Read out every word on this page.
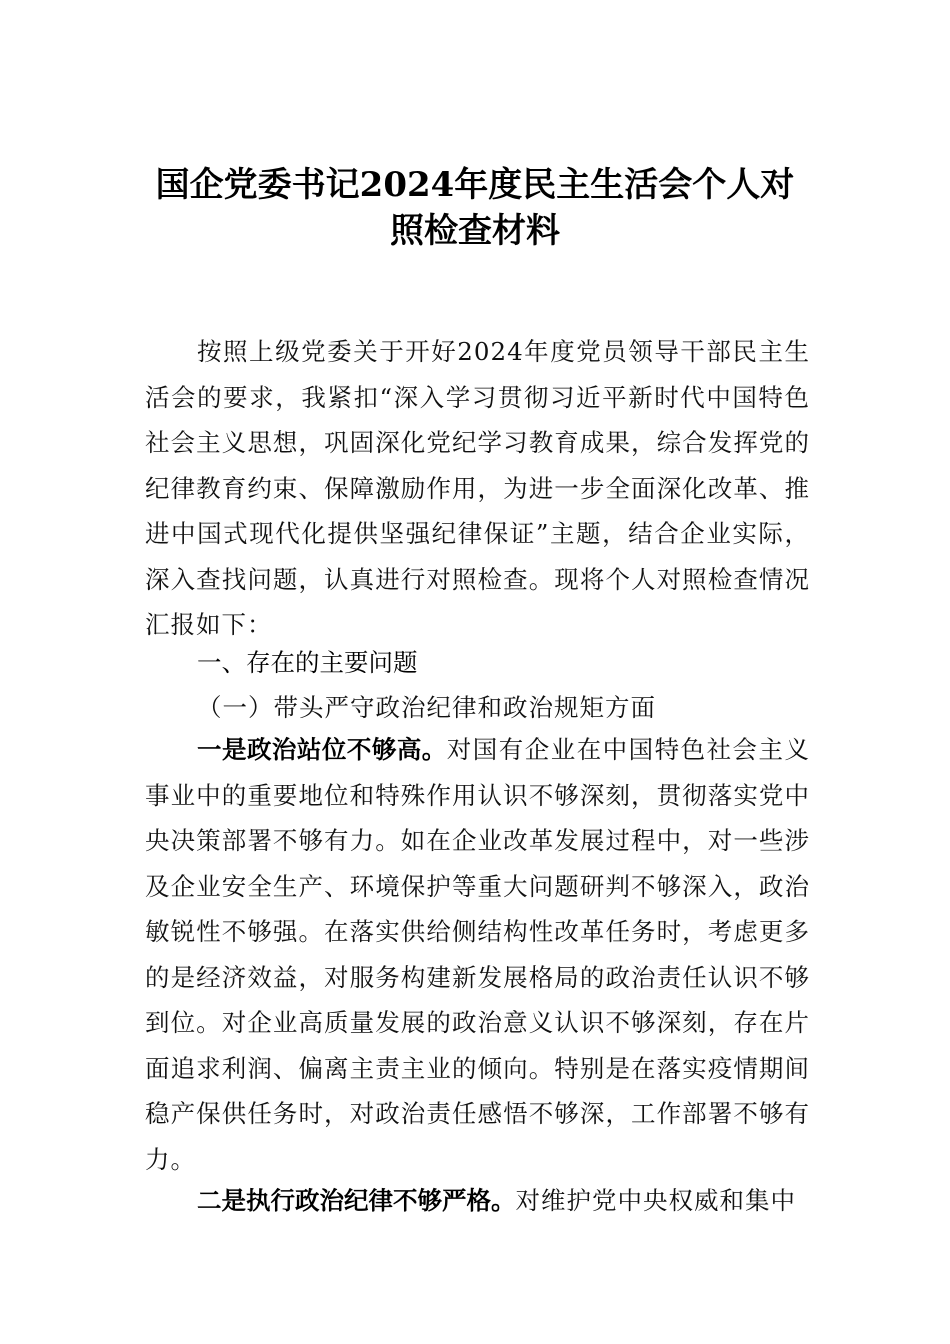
国企党委书记2024年度民主生活会个人对
照检查材料

按照上级党委关于开好2024年度党员领导干部民主生活会的要求，我紧扣“深入学习贯彻习近平新时代中国特色社会主义思想，巩固深化党纪学习教育成果，综合发挥党的纪律教育约束、保障激励作用，为进一步全面深化改革、推进中国式现代化提供坚强纪律保证”主题，结合企业实际，深入查找问题，认真进行对照检查。现将个人对照检查情况汇报如下：

一、存在的主要问题

（一）带头严守政治纪律和政治规矩方面

一是政治站位不够高。对国有企业在中国特色社会主义事业中的重要地位和特殊作用认识不够深刻，贯彻落实党中央决策部署不够有力。如在企业改革发展过程中，对一些涉及企业安全生产、环境保护等重大问题研判不够深入，政治敏锐性不够强。在落实供给侧结构性改革任务时，考虑更多的是经济效益，对服务构建新发展格局的政治责任认识不够到位。对企业高质量发展的政治意义认识不够深刻，存在片面追求利润、偏离主责主业的倾向。特别是在落实疫情期间稳产保供任务时，对政治责任感悟不够深，工作部署不够有力。

二是执行政治纪律不够严格。对维护党中央权威和集中
